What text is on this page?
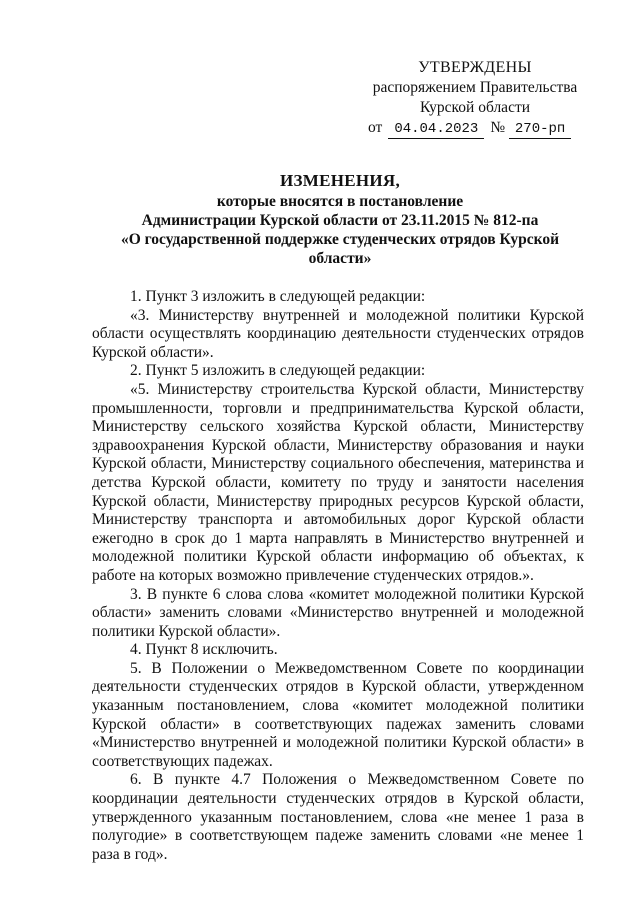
УТВЕРЖДЕНЫ
распоряжением Правительства
Курской области
от 04.04.2023 № 270-рп
ИЗМЕНЕНИЯ,
которые вносятся в постановление
Администрации Курской области от 23.11.2015 № 812-па
«О государственной поддержке студенческих отрядов Курской
области»

1. Пункт 3 изложить в следующей редакции:

«3. Министерству внутренней и молодежной политики Курской области осуществлять координацию деятельности студенческих отрядов Курской области».

2. Пункт 5 изложить в следующей редакции:

«5. Министерству строительства Курской области, Министерству промышленности, торговли и предпринимательства Курской области, Министерству сельского хозяйства Курской области, Министерству здравоохранения Курской области, Министерству образования и науки Курской области, Министерству социального обеспечения, материнства и детства Курской области, комитету по труду и занятости населения Курской области, Министерству природных ресурсов Курской области, Министерству транспорта и автомобильных дорог Курской области ежегодно в срок до 1 марта направлять в Министерство внутренней и молодежной политики Курской области информацию об объектах, к работе на которых возможно привлечение студенческих отрядов.».

3. В пункте 6 слова слова «комитет молодежной политики Курской области» заменить словами «Министерство внутренней и молодежной политики Курской области».

4. Пункт 8 исключить.

5. В Положении о Межведомственном Совете по координации деятельности студенческих отрядов в Курской области, утвержденном указанным постановлением, слова «комитет молодежной политики Курской области» в соответствующих падежах заменить словами «Министерство внутренней и молодежной политики Курской области» в соответствующих падежах.

6. В пункте 4.7 Положения о Межведомственном Совете по координации деятельности студенческих отрядов в Курской области, утвержденного указанным постановлением, слова «не менее 1 раза в полугодие» в соответствующем падеже заменить словами «не менее 1 раза в год».
